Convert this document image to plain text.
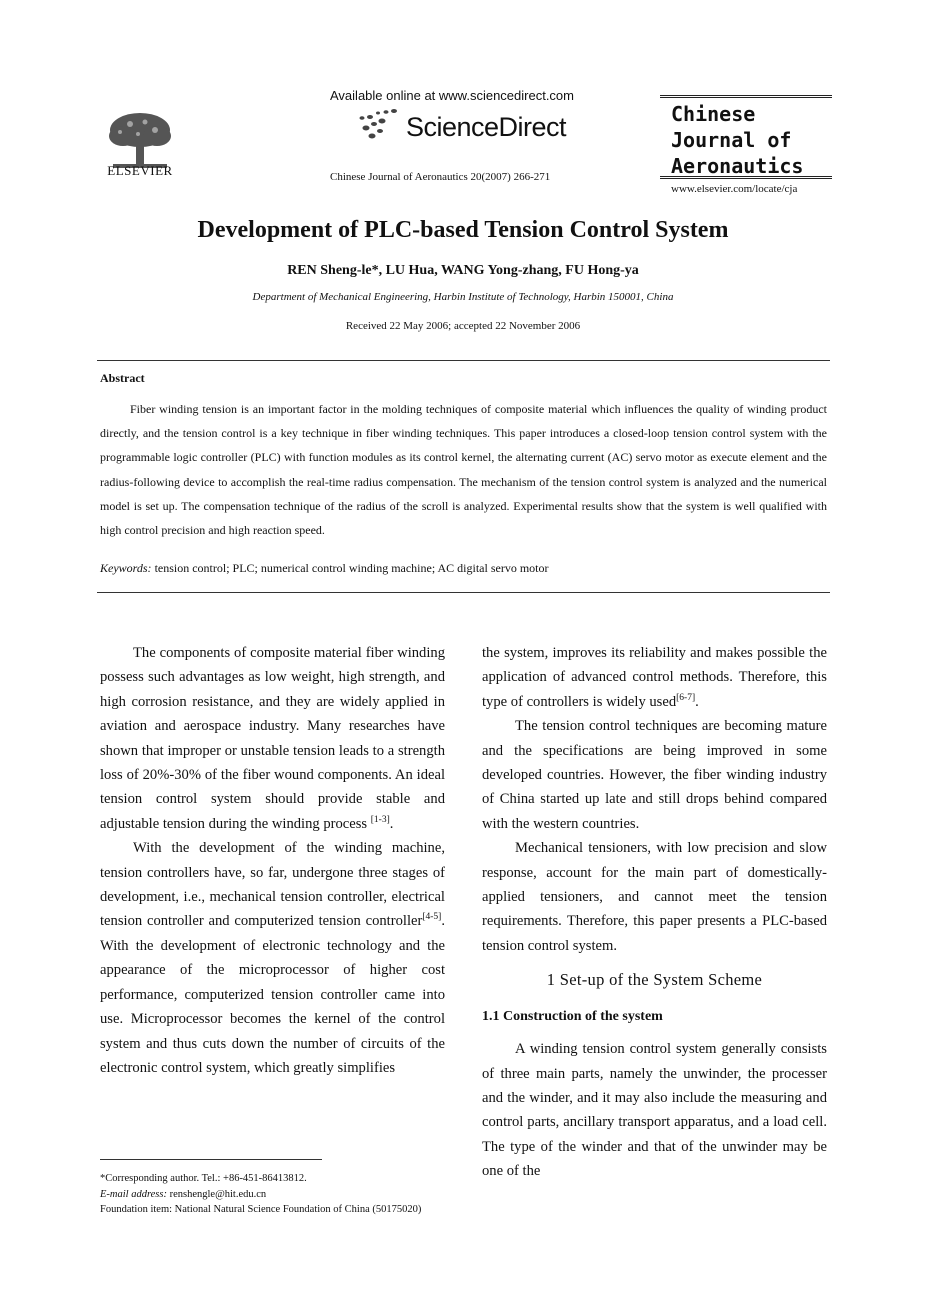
ELSEVIER
Available online at www.sciencedirect.com
ScienceDirect
Chinese Journal of Aeronautics 20(2007) 266-271
Chinese
Journal of
Aeronautics
www.elsevier.com/locate/cja
Development of PLC-based Tension Control System
REN Sheng-le*, LU Hua, WANG Yong-zhang, FU Hong-ya
Department of Mechanical Engineering, Harbin Institute of Technology, Harbin 150001, China
Received 22 May 2006; accepted 22 November 2006
Abstract
Fiber winding tension is an important factor in the molding techniques of composite material which influences the quality of winding product directly, and the tension control is a key technique in fiber winding techniques. This paper introduces a closed-loop tension control system with the programmable logic controller (PLC) with function modules as its control kernel, the alternating current (AC) servo motor as execute element and the radius-following device to accomplish the real-time radius compensation. The mechanism of the tension control system is analyzed and the numerical model is set up. The compensation technique of the radius of the scroll is analyzed. Experimental results show that the system is well qualified with high control precision and high reaction speed.
Keywords: tension control; PLC; numerical control winding machine; AC digital servo motor

The components of composite material fiber winding possess such advantages as low weight, high strength, and high corrosion resistance, and they are widely applied in aviation and aerospace industry. Many researches have shown that improper or unstable tension leads to a strength loss of 20%-30% of the fiber wound components. An ideal tension control system should provide stable and adjustable tension during the winding process [1-3].

With the development of the winding machine, tension controllers have, so far, undergone three stages of development, i.e., mechanical tension controller, electrical tension controller and computerized tension controller[4-5]. With the development of electronic technology and the appearance of the microprocessor of higher cost performance, computerized tension controller came into use. Microprocessor becomes the kernel of the control system and thus cuts down the number of circuits of the electronic control system, which greatly simplifies

the system, improves its reliability and makes possible the application of advanced control methods. Therefore, this type of controllers is widely used[6-7].

The tension control techniques are becoming mature and the specifications are being improved in some developed countries. However, the fiber winding industry of China started up late and still drops behind compared with the western countries.

Mechanical tensioners, with low precision and slow response, account for the main part of domestically-applied tensioners, and cannot meet the tension requirements. Therefore, this paper presents a PLC-based tension control system.

1 Set-up of the System Scheme
1.1 Construction of the system

A winding tension control system generally consists of three main parts, namely the unwinder, the processer and the winder, and it may also include the measuring and control parts, ancillary transport apparatus, and a load cell. The type of the winder and that of the unwinder may be one of the

*Corresponding author. Tel.: +86-451-86413812.
E-mail address: renshengle@hit.edu.cn
Foundation item: National Natural Science Foundation of China (50175020)
